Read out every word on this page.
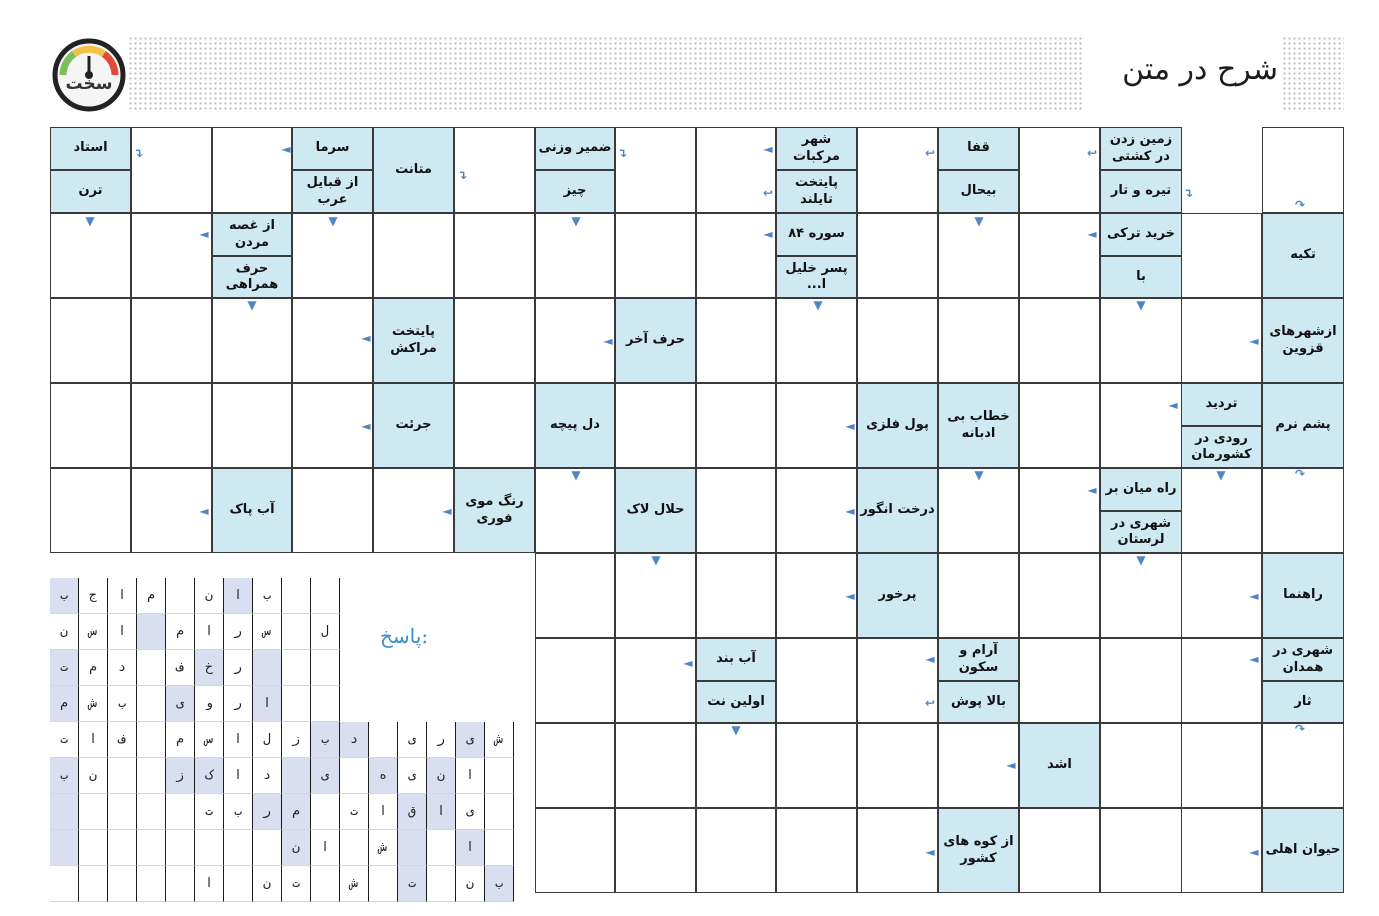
شرح در متن
سخت
زمین زدن در کشتی
تیره و تار
قفا
بیحال
شهر مرکبات
پایتخت تایلند
ضمیر وزنی
چیز
متانت
سرما
از قبایل عرب
استاد
ترن
تکیه
خرید ترکی
با
سوره ۸۴
پسر خلیل ا...
از غصه مردن
حرف همراهی
ازشهرهای قزوین
حرف آخر
پایتخت مراکش
پشم نرم
تردید
رودی در کشورمان
خطاب بی ادبانه
پول فلزی
دل پیچه
جرئت
راه میان بر
شهری در لرستان
درخت انگور
حلال لاک
رنگ موی فوری
آب پاک
راهنما
پرخور
شهری در همدان
ثار
آرام و سکون
بالا پوش
آب بند
اولین نت
اشد
حیوان اهلی
از کوه های کشور
↷
↴
↩
↩
◄
↩
↴
↴
◄
↴
▼	▼	▼	▼
◄
◄
◄
▼	▼	▼
◄
◄
◄
◄
◄
◄
↷
▼
▼
▼
◄
◄
◄
◄
▼
▼
◄
◄
◄
◄
◄
↩
↷
▼
◄
◄
◄
ب	ج	ا	م	ن	ا	ب
ن	س	ا	م	ا	ر	س	ل
ت	م	د	ف	خ	ر
م	ش	ب	ی	و	ر	ا
ت	ا	ف	م	س	ا	ل	ز	ب	د	ی	ر	ی	ش
ب	ن	ز	ک	ا	د	ی	ه	ی	ن	ا
ت	ب	ر	م	ت	ا	ق	ا	ی
ن	ا	ش	ا
ا	ن	ت	ش	ت	ن	ب
پاسخ:
